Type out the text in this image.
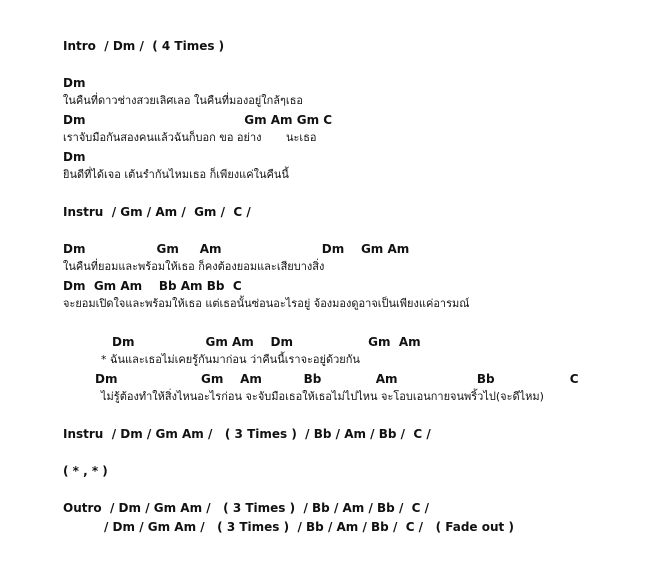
Intro  / Dm /  ( 4 Times )
Dm
ในคืนที่ดาวช่างสวยเลิศเลอ ในคืนที่มองอยู่ใกล้ๆเธอ
Dm                                      Gm Am Gm C
เราจับมือกันสองคนแล้วฉันก็บอก ขอ อย่าง       นะเธอ
Dm
ยินดีที่ได้เจอ เต้นรำกันไหมเธอ ก็เพียงแค่ในคืนนี้
Instru  / Gm / Am /  Gm /  C /
Dm                 Gm     Am                        Dm    Gm Am
ในคืนที่ยอมและพร้อมให้เธอ ก็คงต้องยอมและเสียบางสิ่ง
Dm  Gm Am    Bb Am Bb  C
จะยอมเปิดใจและพร้อมให้เธอ แต่เธอนั้นซ่อนอะไรอยู่ จ้องมองดูอาจเป็นเพียงแค่อารมณ์
Dm                 Gm Am    Dm                  Gm  Am
* ฉันและเธอไม่เคยรู้กันมาก่อน ว่าคืนนี้เราจะอยู่ด้วยกัน
Dm                    Gm    Am          Bb             Am                   Bb                  C
ไม่รู้ต้องทำให้สิ่งไหนอะไรก่อน จะจับมือเธอให้เธอไม่ไปไหน จะโอบเอนกายจนพริ้วไป(จะดีไหม)
Instru  / Dm / Gm Am /   ( 3 Times )  / Bb / Am / Bb /  C /
( * , * )
Outro  / Dm / Gm Am /   ( 3 Times )  / Bb / Am / Bb /  C /
/ Dm / Gm Am /   ( 3 Times )  / Bb / Am / Bb /  C /   ( Fade out )
